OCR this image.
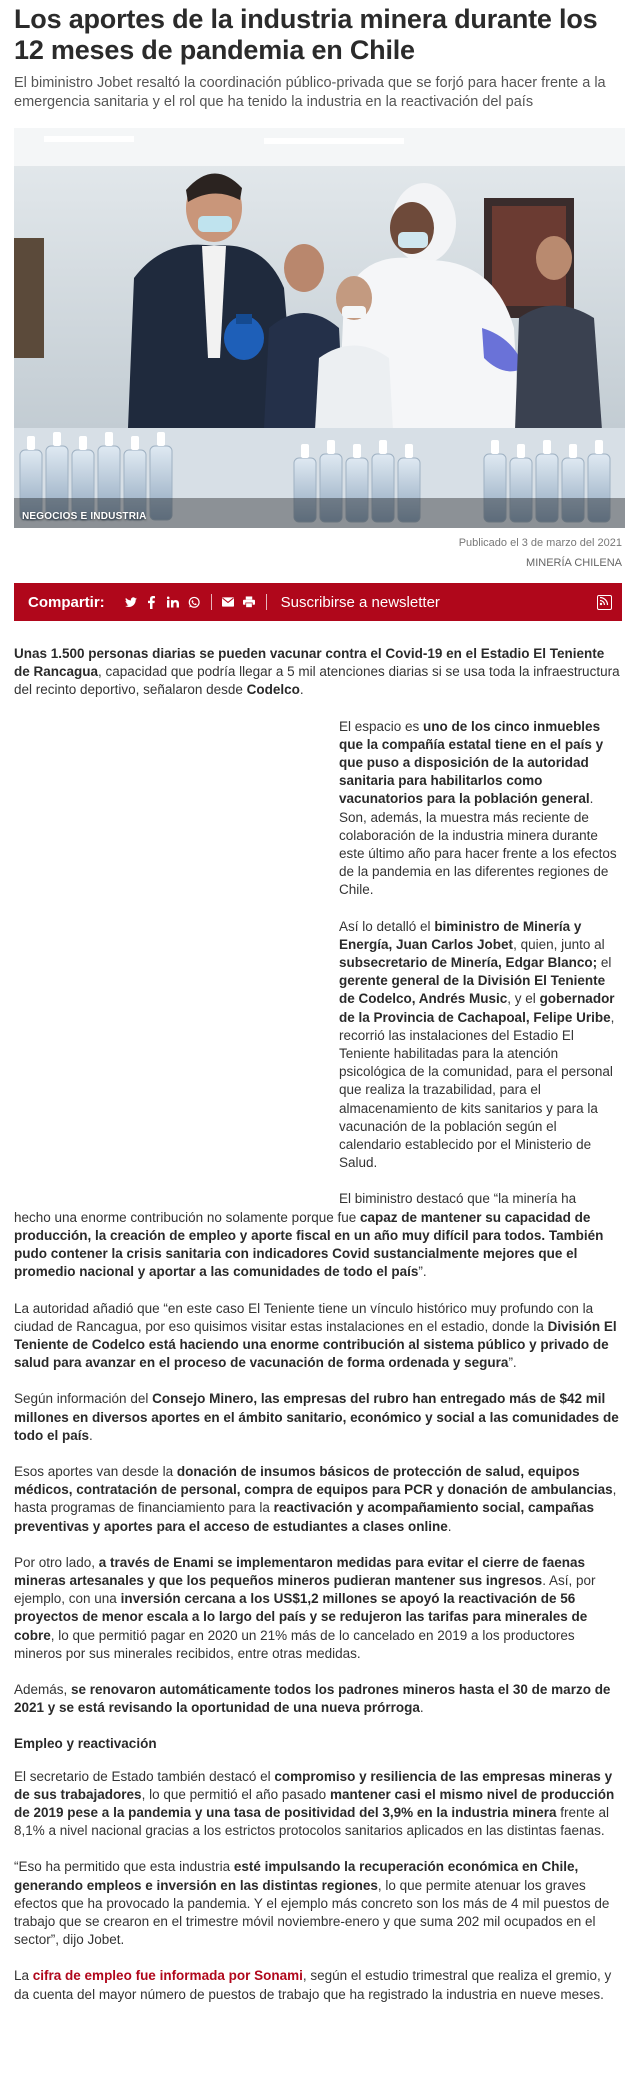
Los aportes de la industria minera durante los 12 meses de pandemia en Chile

El biministro Jobet resaltó la coordinación público-privada que se forjó para hacer frente a la emergencia sanitaria y el rol que ha tenido la industria en la reactivación del país

NEGOCIOS E INDUSTRIA
Publicado el 3 de marzo del 2021
MINERÍA CHILENA
Compartir:	Suscribirse a newsletter

Unas 1.500 personas diarias se pueden vacunar contra el Covid-19 en el Estadio El Teniente de Rancagua, capacidad que podría llegar a 5 mil atenciones diarias si se usa toda la infraestructura del recinto deportivo, señalaron desde Codelco.

El espacio es uno de los cinco inmuebles que la compañía estatal tiene en el país y que puso a disposición de la autoridad sanitaria para habilitarlos como vacunatorios para la población general. Son, además, la muestra más reciente de colaboración de la industria minera durante este último año para hacer frente a los efectos de la pandemia en las diferentes regiones de Chile.

Así lo detalló el biministro de Minería y Energía, Juan Carlos Jobet, quien, junto al subsecretario de Minería, Edgar Blanco; el gerente general de la División El Teniente de Codelco, Andrés Music, y el gobernador de la Provincia de Cachapoal, Felipe Uribe, recorrió las instalaciones del Estadio El Teniente habilitadas para la atención psicológica de la comunidad, para el personal que realiza la trazabilidad, para el almacenamiento de kits sanitarios y para la vacunación de la población según el calendario establecido por el Ministerio de Salud.

El biministro destacó que “la minería ha

hecho una enorme contribución no solamente porque fue capaz de mantener su capacidad de producción, la creación de empleo y aporte fiscal en un año muy difícil para todos. También pudo contener la crisis sanitaria con indicadores Covid sustancialmente mejores que el promedio nacional y aportar a las comunidades de todo el país”.

La autoridad añadió que “en este caso El Teniente tiene un vínculo histórico muy profundo con la ciudad de Rancagua, por eso quisimos visitar estas instalaciones en el estadio, donde la División El Teniente de Codelco está haciendo una enorme contribución al sistema público y privado de salud para avanzar en el proceso de vacunación de forma ordenada y segura”.

Según información del Consejo Minero, las empresas del rubro han entregado más de $42 mil millones en diversos aportes en el ámbito sanitario, económico y social a las comunidades de todo el país.

Esos aportes van desde la donación de insumos básicos de protección de salud, equipos médicos, contratación de personal, compra de equipos para PCR y donación de ambulancias, hasta programas de financiamiento para la reactivación y acompañamiento social, campañas preventivas y aportes para el acceso de estudiantes a clases online.

Por otro lado, a través de Enami se implementaron medidas para evitar el cierre de faenas mineras artesanales y que los pequeños mineros pudieran mantener sus ingresos. Así, por ejemplo, con una inversión cercana a los US$1,2 millones se apoyó la reactivación de 56 proyectos de menor escala a lo largo del país y se redujeron las tarifas para minerales de cobre, lo que permitió pagar en 2020 un 21% más de lo cancelado en 2019 a los productores mineros por sus minerales recibidos, entre otras medidas.

Además, se renovaron automáticamente todos los padrones mineros hasta el 30 de marzo de 2021 y se está revisando la oportunidad de una nueva prórroga.

Empleo y reactivación

El secretario de Estado también destacó el compromiso y resiliencia de las empresas mineras y de sus trabajadores, lo que permitió el año pasado mantener casi el mismo nivel de producción de 2019 pese a la pandemia y una tasa de positividad del 3,9% en la industria minera frente al 8,1% a nivel nacional gracias a los estrictos protocolos sanitarios aplicados en las distintas faenas.

“Eso ha permitido que esta industria esté impulsando la recuperación económica en Chile, generando empleos e inversión en las distintas regiones, lo que permite atenuar los graves efectos que ha provocado la pandemia. Y el ejemplo más concreto son los más de 4 mil puestos de trabajo que se crearon en el trimestre móvil noviembre-enero y que suma 202 mil ocupados en el sector”, dijo Jobet.

La cifra de empleo fue informada por Sonami, según el estudio trimestral que realiza el gremio, y da cuenta del mayor número de puestos de trabajo que ha registrado la industria en nueve meses.
